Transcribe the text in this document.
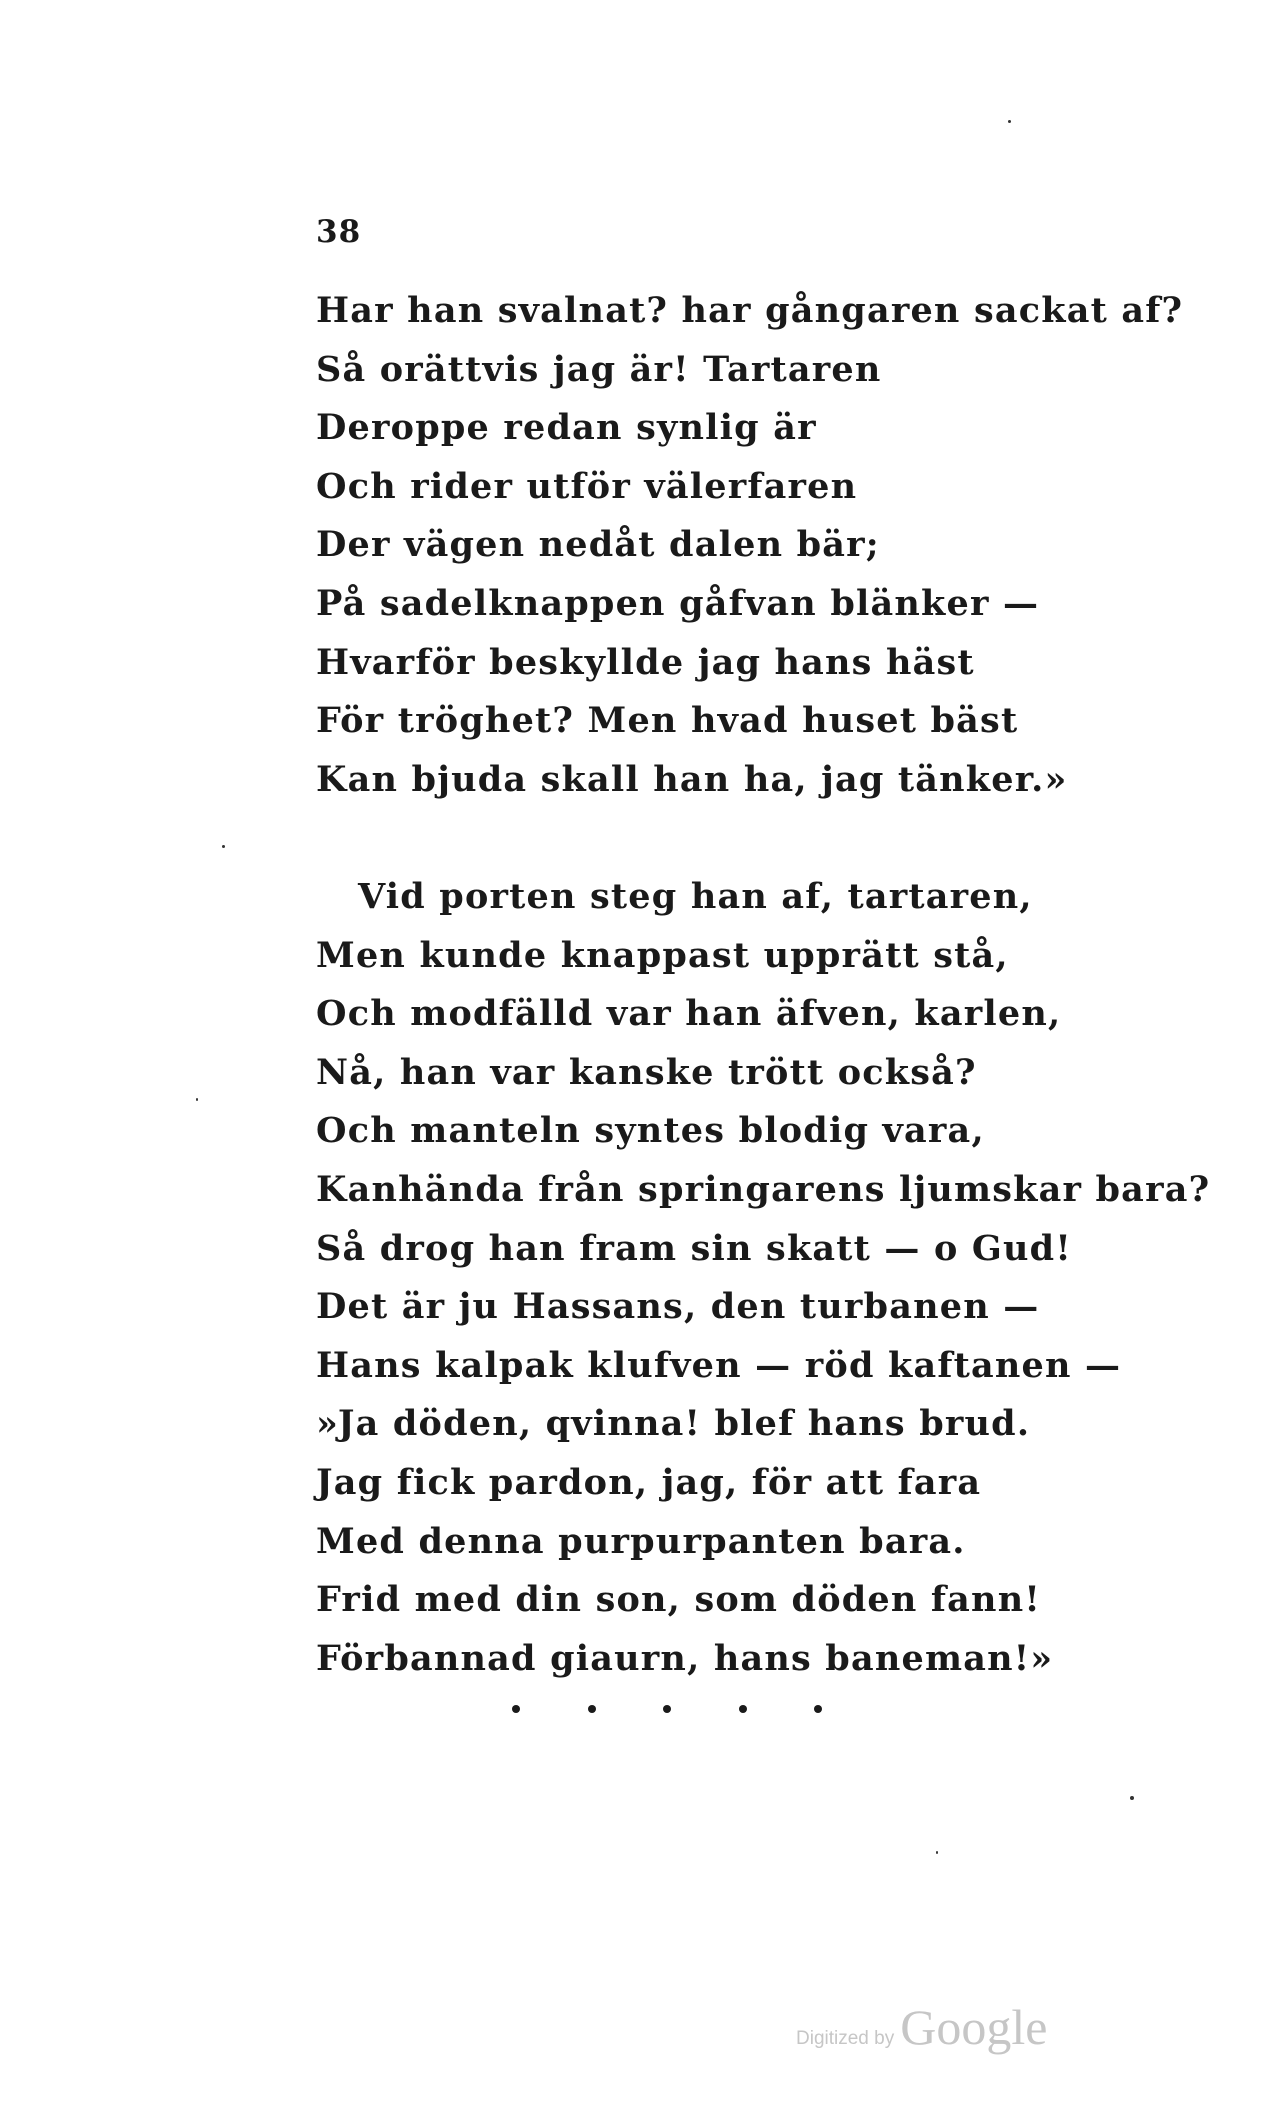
38
Har han svalnat? har gångaren sackat af?
Så orättvis jag är! Tartaren
Deroppe redan synlig är
Och rider utför välerfaren
Der vägen nedåt dalen bär;
På sadelknappen gåfvan blänker —
Hvarför beskyllde jag hans häst
För tröghet? Men hvad huset bäst
Kan bjuda skall han ha, jag tänker.»
Vid porten steg han af, tartaren,
Men kunde knappast upprätt stå,
Och modfälld var han äfven, karlen,
Nå, han var kanske trött också?
Och manteln syntes blodig vara,
Kanhända från springarens ljumskar bara?
Så drog han fram sin skatt — o Gud!
Det är ju Hassans, den turbanen —
Hans kalpak klufven — röd kaftanen —
»Ja döden, qvinna! blef hans brud.
Jag fick pardon, jag, för att fara
Med denna purpurpanten bara.
Frid med din son, som döden fann!
Förbannad giaurn, hans baneman!»
Digitized by Google
